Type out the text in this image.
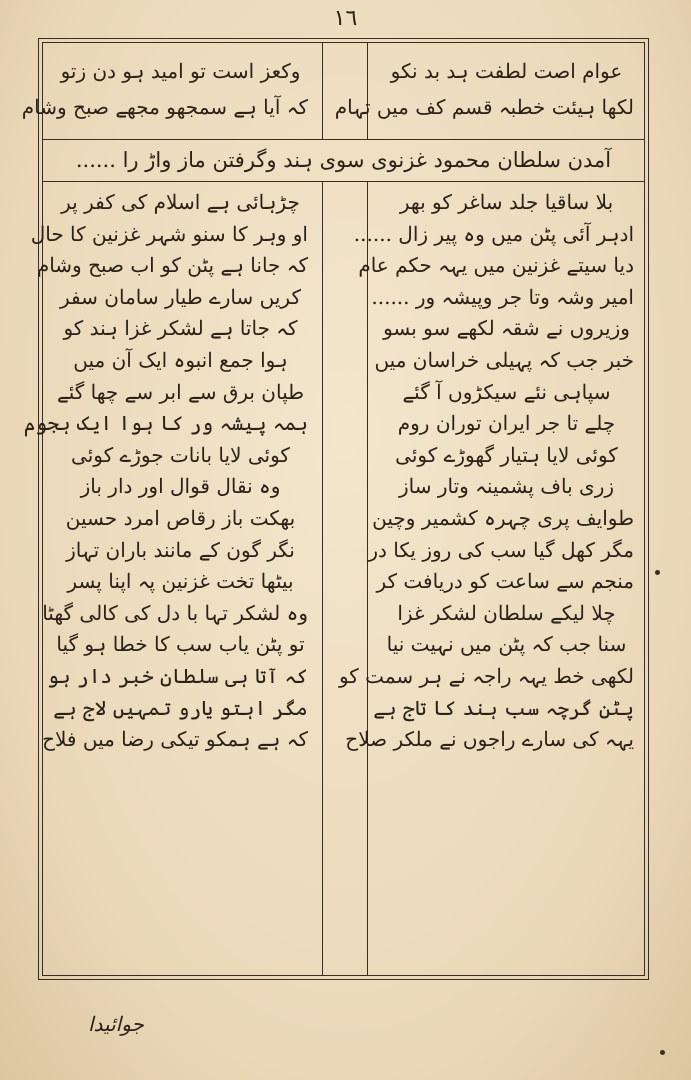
١٦
عوام اصت لطفت ہد بد نکو
لکھا ہیئت خطبہ قسم کف میں تہام
وکعز است تو امید ہو دن زتو
کہ آیا ہے سمجھو مجھے صبح وشام
آمدن سلطان محمود غزنوی سوی ہند وگرفتن ماز واڑ را ......
بلا ساقیا جلد ساغر کو بھر
ادہر آئی پٹن میں وہ پیر زال ......
دیا سیتے غزنین میں یہہ حکم عام
امیر وشہ وتا جر وپیشہ ور ......
وزیروں نے شقہ لکھے سو بسو
خبر جب کہ پہیلی خراسان میں
سپاہی نئے سیکڑوں آ گئے
چلے تا جر ایران توران روم
کوئی لایا ہتیار گھوڑے کوئی
زری باف پشمینہ وتار ساز
طوایف پری چہرہ کشمیر وچین
مگر کھل گیا سب کی روز یکا در
منجم سے ساعت کو دریافت کر
چلا لیکے سلطان لشکر غزا
سنا جب کہ پٹن میں نہیت نیا
لکھی خط یہہ راجہ نے ہر سمت کو
پٹن گرچہ سب ہند کا تاج ہے
یہہ کی سارے راجوں نے ملکر صلاح
چڑہائی ہے اسلام کی کفر پر
او وہر کا سنو شہر غزنین کا حال
کہ جانا ہے پٹن کو اب صبح وشام
کریں سارے طیار سامان سفر
کہ جاتا ہے لشکر غزا ہند کو
ہوا جمع انبوہ ایک آن میں
طپان برق سے ابر سے چھا گئے
ہمہ پیشہ ور کا ہوا ایک ہجوم
کوئی لایا بانات جوڑے کوئی
وہ نقال قوال اور دار باز
بھکت باز رقاص امرد حسین
نگر گون کے مانند باران تہاز
بیٹھا تخت غزنین پہ اپنا پسر
وہ لشکر تہا با دل کی کالی گھٹا
تو پٹن یاب سب کا خطا ہو گیا
کہ آتا ہی سلطان خبر دار ہو
مگر اہتو یارو تمہیں لاج ہے
کہ ہے ہمکو تیکی رضا میں فلاح
جوائیدا
